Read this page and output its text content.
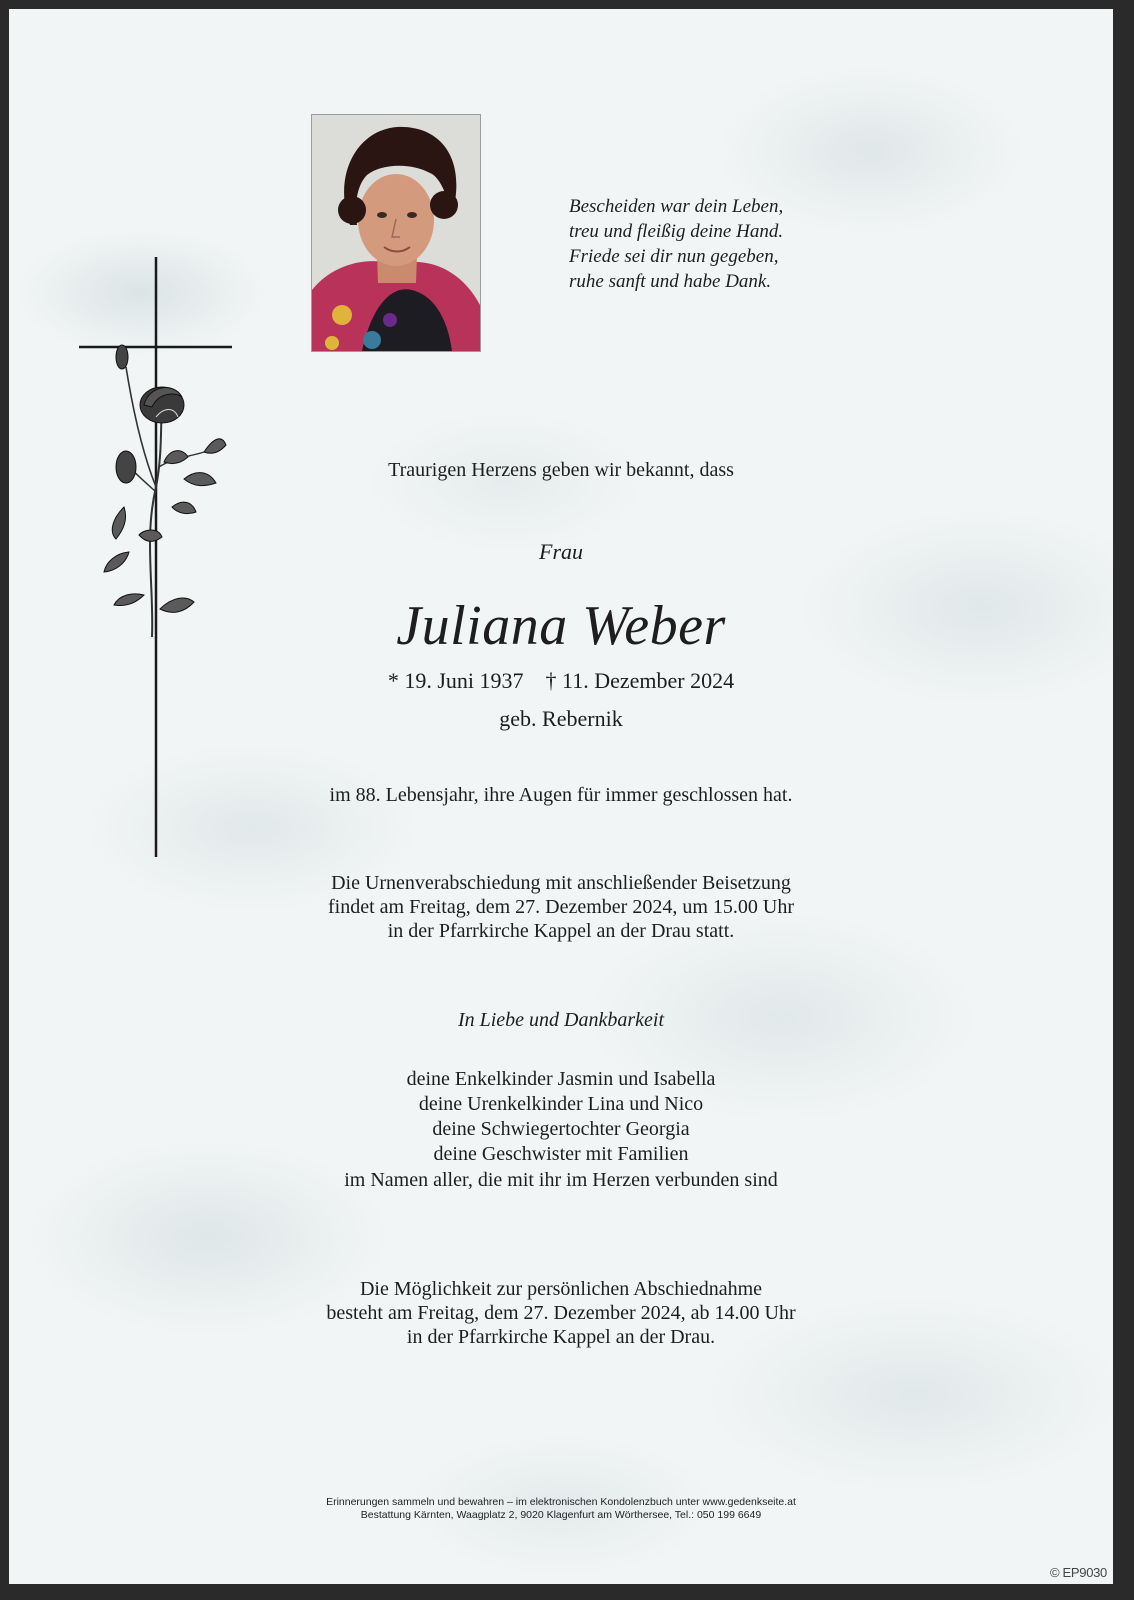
Bescheiden war dein Leben,
treu und fleißig deine Hand.
Friede sei dir nun gegeben,
ruhe sanft und habe Dank.
Traurigen Herzens geben wir bekannt, dass
Frau
Juliana Weber
* 19. Juni 1937 † 11. Dezember 2024
geb. Rebernik
im 88. Lebensjahr, ihre Augen für immer geschlossen hat.
Die Urnenverabschiedung mit anschließender Beisetzung
findet am Freitag, dem 27. Dezember 2024, um 15.00 Uhr
in der Pfarrkirche Kappel an der Drau statt.
In Liebe und Dankbarkeit
deine Enkelkinder Jasmin und Isabella
deine Urenkelkinder Lina und Nico
deine Schwiegertochter Georgia
deine Geschwister mit Familien
im Namen aller, die mit ihr im Herzen verbunden sind
Die Möglichkeit zur persönlichen Abschiednahme
besteht am Freitag, dem 27. Dezember 2024, ab 14.00 Uhr
in der Pfarrkirche Kappel an der Drau.
Erinnerungen sammeln und bewahren – im elektronischen Kondolenzbuch unter www.gedenkseite.at
Bestattung Kärnten, Waagplatz 2, 9020 Klagenfurt am Wörthersee, Tel.: 050 199 6649
© EP9030
